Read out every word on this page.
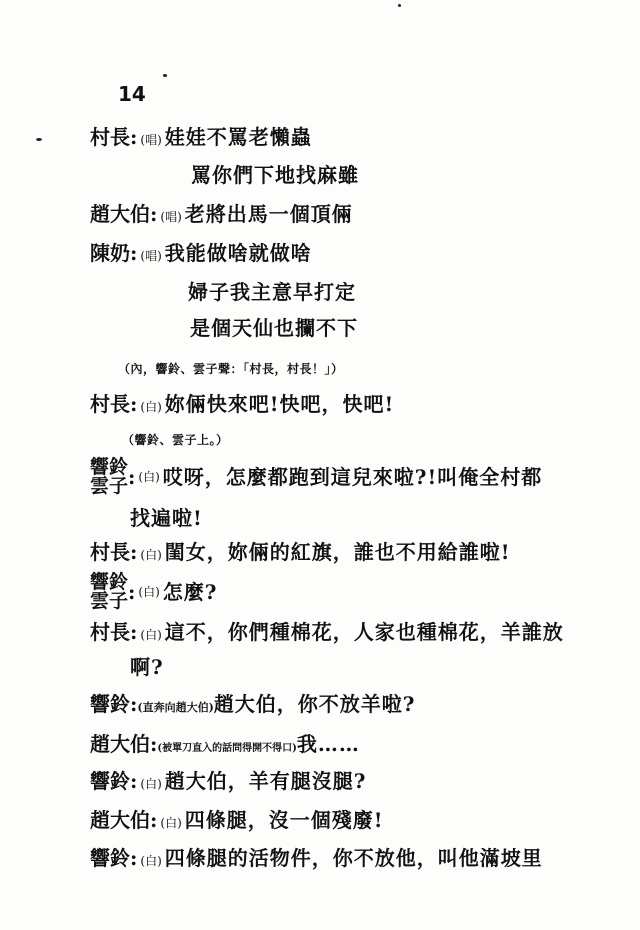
14
村長: (唱) 娃娃不罵老懶蟲
罵你們下地找麻雖
趙大伯: (唱) 老將出馬一個頂倆
陳奶: (唱) 我能做啥就做啥
婦子我主意早打定
是個天仙也攔不下
（內，響鈴、雲子聲：「村長，村長！」）
村長: (白) 妳倆快來吧!快吧，快吧!
（響鈴、雲子上。）
響鈴
雲子: (白) 哎呀，怎麼都跑到這兒來啦?!叫俺全村都
找遍啦!
村長: (白) 閨女，妳倆的紅旗，誰也不用給誰啦!
響鈴
雲子: (白) 怎麼?
村長: (白) 這不，你們種棉花，人家也種棉花，羊誰放
啊?
響鈴:(直奔向趙大伯)趙大伯，你不放羊啦?
趙大伯:(被單刀直入的話問得開不得口)我……
響鈴: (白) 趙大伯，羊有腿沒腿?
趙大伯: (白) 四條腿，沒一個殘廢!
響鈴: (白) 四條腿的活物件，你不放他，叫他滿坡里
